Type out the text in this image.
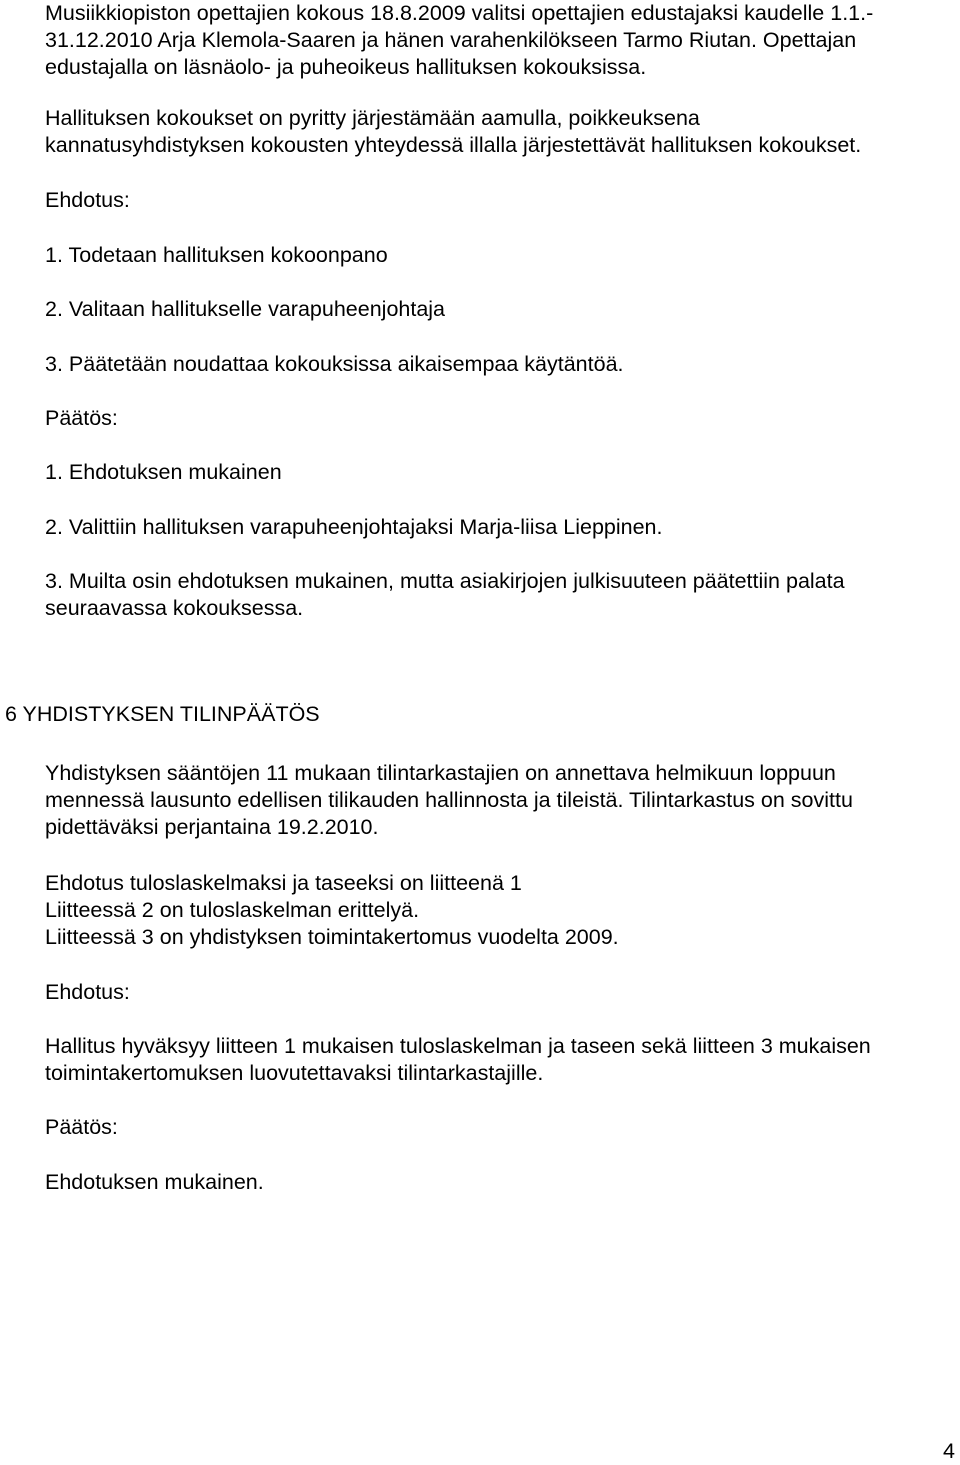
Musiikkiopiston opettajien kokous 18.8.2009 valitsi opettajien edustajaksi kaudelle 1.1.-
31.12.2010 Arja Klemola-Saaren ja hänen varahenkilökseen Tarmo Riutan. Opettajan
edustajalla on läsnäolo- ja puheoikeus hallituksen kokouksissa.
Hallituksen kokoukset on pyritty järjestämään aamulla, poikkeuksena
kannatusyhdistyksen kokousten yhteydessä illalla järjestettävät hallituksen kokoukset.
Ehdotus:
1. Todetaan hallituksen kokoonpano
2. Valitaan hallitukselle varapuheenjohtaja
3. Päätetään noudattaa kokouksissa aikaisempaa käytäntöä.
Päätös:
1. Ehdotuksen mukainen
2. Valittiin hallituksen varapuheenjohtajaksi Marja-liisa Lieppinen.
3. Muilta osin ehdotuksen mukainen, mutta asiakirjojen julkisuuteen päätettiin palata
seuraavassa kokouksessa.
6 YHDISTYKSEN TILINPÄÄTÖS
Yhdistyksen sääntöjen 11 mukaan tilintarkastajien on annettava helmikuun loppuun
mennessä lausunto edellisen tilikauden hallinnosta ja tileistä. Tilintarkastus on sovittu
pidettäväksi perjantaina 19.2.2010.
Ehdotus tuloslaskelmaksi ja taseeksi on liitteenä 1
Liitteessä 2 on tuloslaskelman erittelyä.
Liitteessä 3 on yhdistyksen toimintakertomus vuodelta 2009.
Ehdotus:
Hallitus hyväksyy liitteen 1 mukaisen tuloslaskelman ja taseen sekä liitteen 3 mukaisen
toimintakertomuksen luovutettavaksi tilintarkastajille.
Päätös:
Ehdotuksen mukainen.
4
